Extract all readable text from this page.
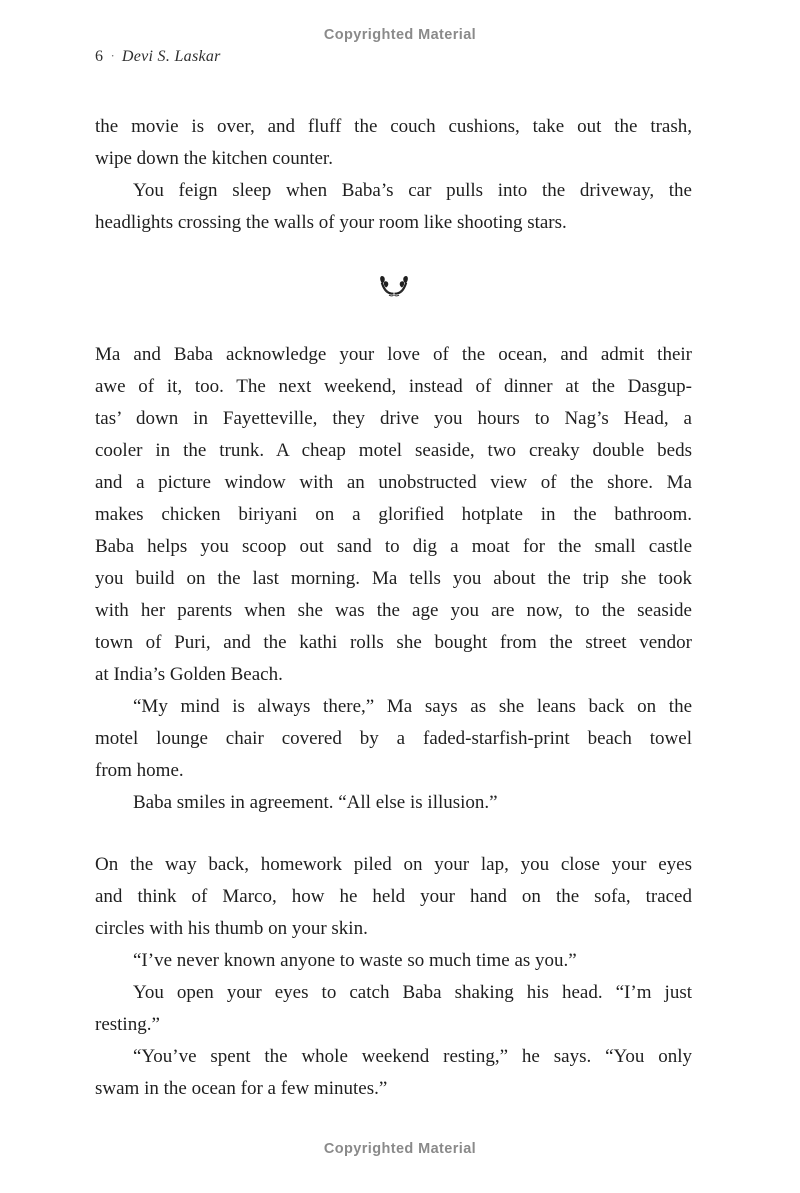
Copyrighted Material
6 · Devi S. Laskar
the movie is over, and fluff the couch cushions, take out the trash,
wipe down the kitchen counter.
You feign sleep when Baba’s car pulls into the driveway, the
headlights crossing the walls of your room like shooting stars.
Ma and Baba acknowledge your love of the ocean, and admit their
awe of it, too. The next weekend, instead of dinner at the Dasgup-
tas’ down in Fayetteville, they drive you hours to Nag’s Head, a
cooler in the trunk. A cheap motel seaside, two creaky double beds
and a picture window with an unobstructed view of the shore. Ma
makes chicken biriyani on a glorified hotplate in the bathroom.
Baba helps you scoop out sand to dig a moat for the small castle
you build on the last morning. Ma tells you about the trip she took
with her parents when she was the age you are now, to the seaside
town of Puri, and the kathi rolls she bought from the street vendor
at India’s Golden Beach.
“My mind is always there,” Ma says as she leans back on the
motel lounge chair covered by a faded-starfish-print beach towel
from home.
Baba smiles in agreement. “All else is illusion.”
On the way back, homework piled on your lap, you close your eyes
and think of Marco, how he held your hand on the sofa, traced
circles with his thumb on your skin.
“I’ve never known anyone to waste so much time as you.”
You open your eyes to catch Baba shaking his head. “I’m just
resting.”
“You’ve spent the whole weekend resting,” he says. “You only
swam in the ocean for a few minutes.”
Copyrighted Material
